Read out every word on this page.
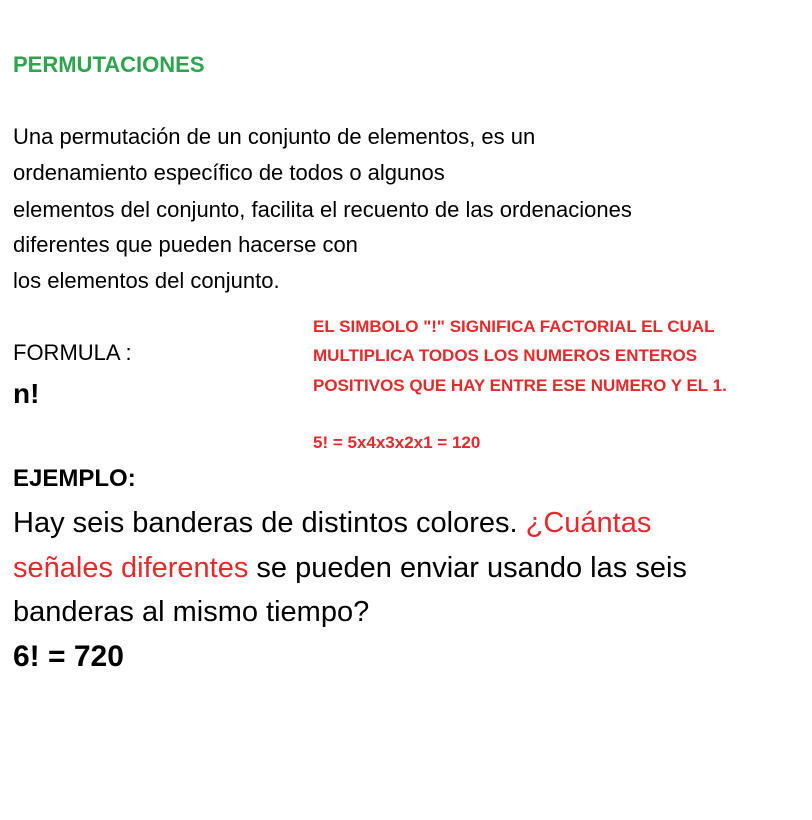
PERMUTACIONES
Una permutación de un conjunto de elementos, es un
ordenamiento específico de todos o algunos
elementos del conjunto, facilita el recuento de las ordenaciones
diferentes que pueden hacerse con
los elementos del conjunto.
FORMULA :
n!
EL SIMBOLO "!" SIGNIFICA FACTORIAL EL CUAL
MULTIPLICA TODOS LOS NUMEROS ENTEROS
POSITIVOS QUE HAY ENTRE ESE NUMERO Y EL 1.
5! = 5x4x3x2x1 = 120
EJEMPLO:
Hay seis banderas de distintos colores. ¿Cuántas
señales diferentes se pueden enviar usando las seis
banderas al mismo tiempo?
6! = 720
